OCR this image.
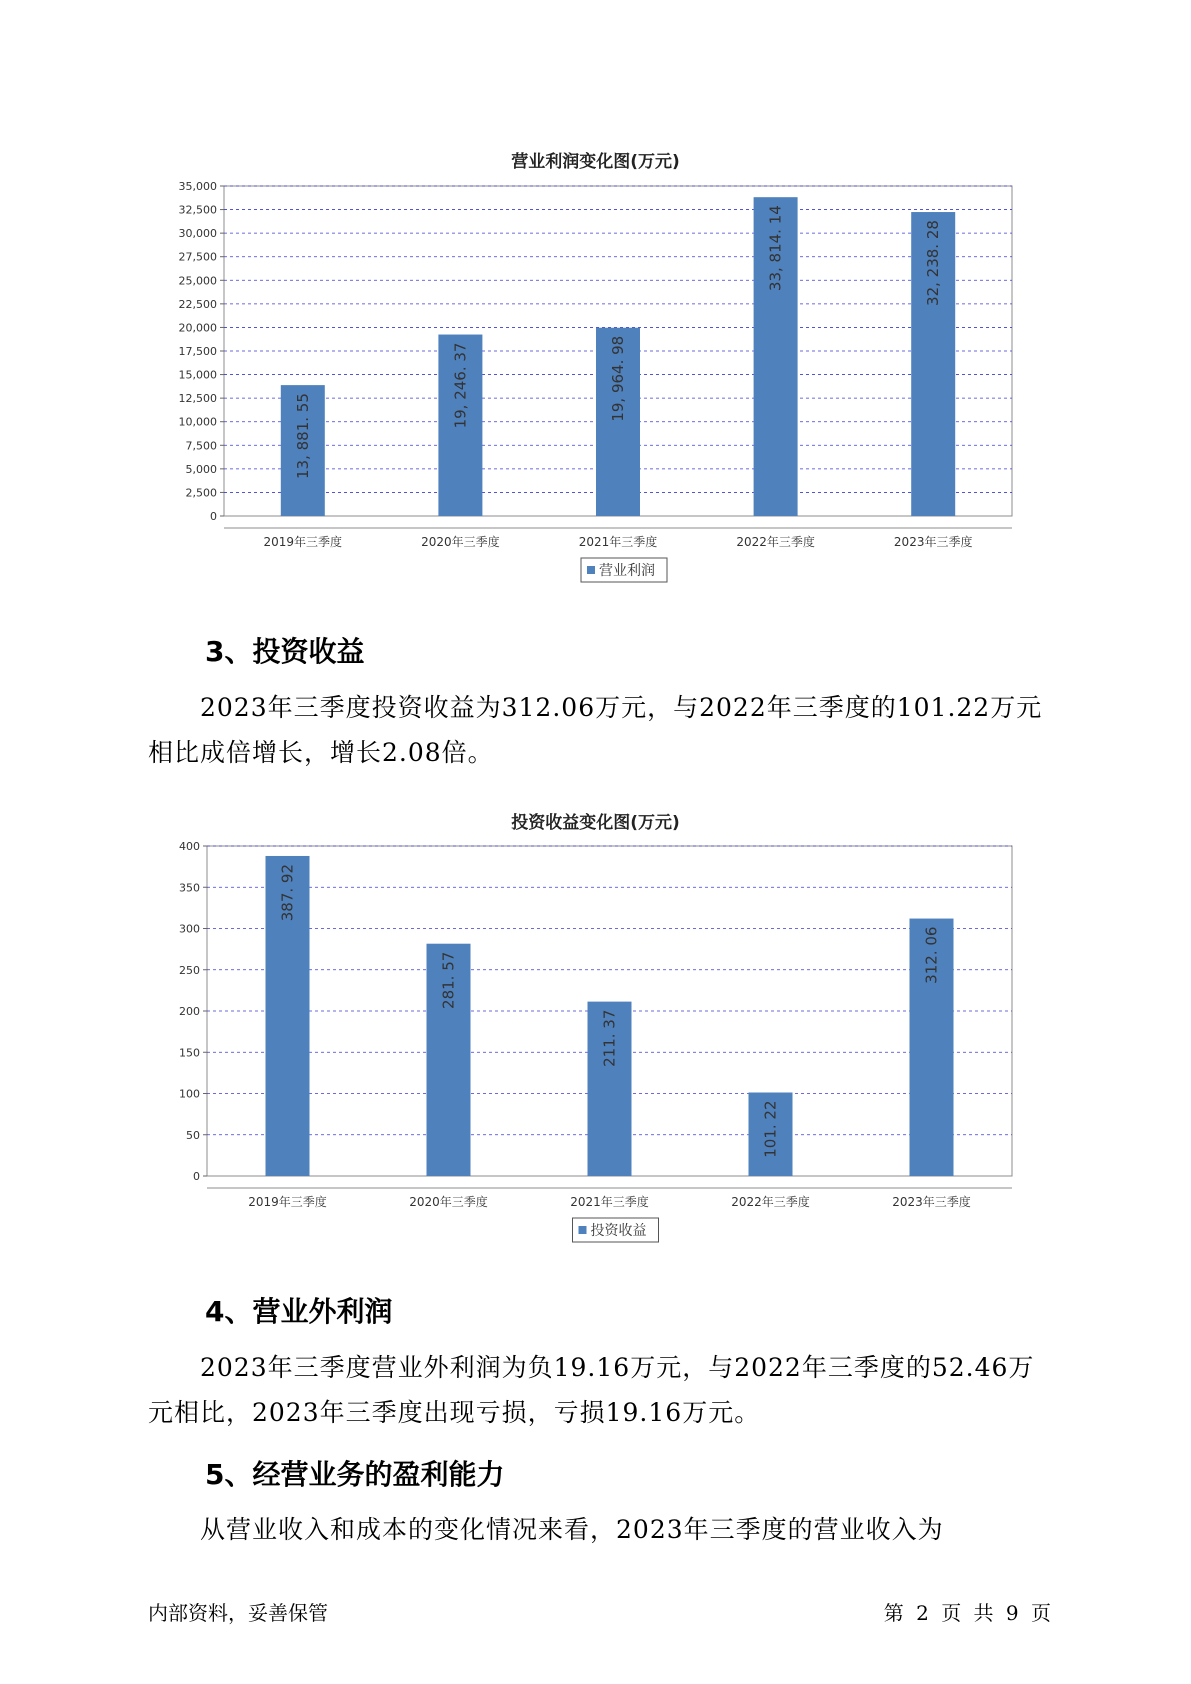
营业利润变化图(万元)
0
2,500
5,000
7,500
10,000
12,500
15,000
17,500
20,000
22,500
25,000
27,500
30,000
32,500
35,000
13, 881. 55
2019年三季度
19, 246. 37
2020年三季度
19, 964. 98
2021年三季度
33, 814. 14
2022年三季度
32, 238. 28
2023年三季度
营业利润
3、投资收益

2023年三季度投资收益为312.06万元，与2022年三季度的101.22万元相比成倍增长，增长2.08倍。

投资收益变化图(万元)
0
50
100
150
200
250
300
350
400
387. 92
2019年三季度
281. 57
2020年三季度
211. 37
2021年三季度
101. 22
2022年三季度
312. 06
2023年三季度
投资收益
4、营业外利润

2023年三季度营业外利润为负19.16万元，与2022年三季度的52.46万元相比，2023年三季度出现亏损，亏损19.16万元。

5、经营业务的盈利能力

从营业收入和成本的变化情况来看，2023年三季度的营业收入为

内部资料，妥善保管	第 2 页 共 9 页
